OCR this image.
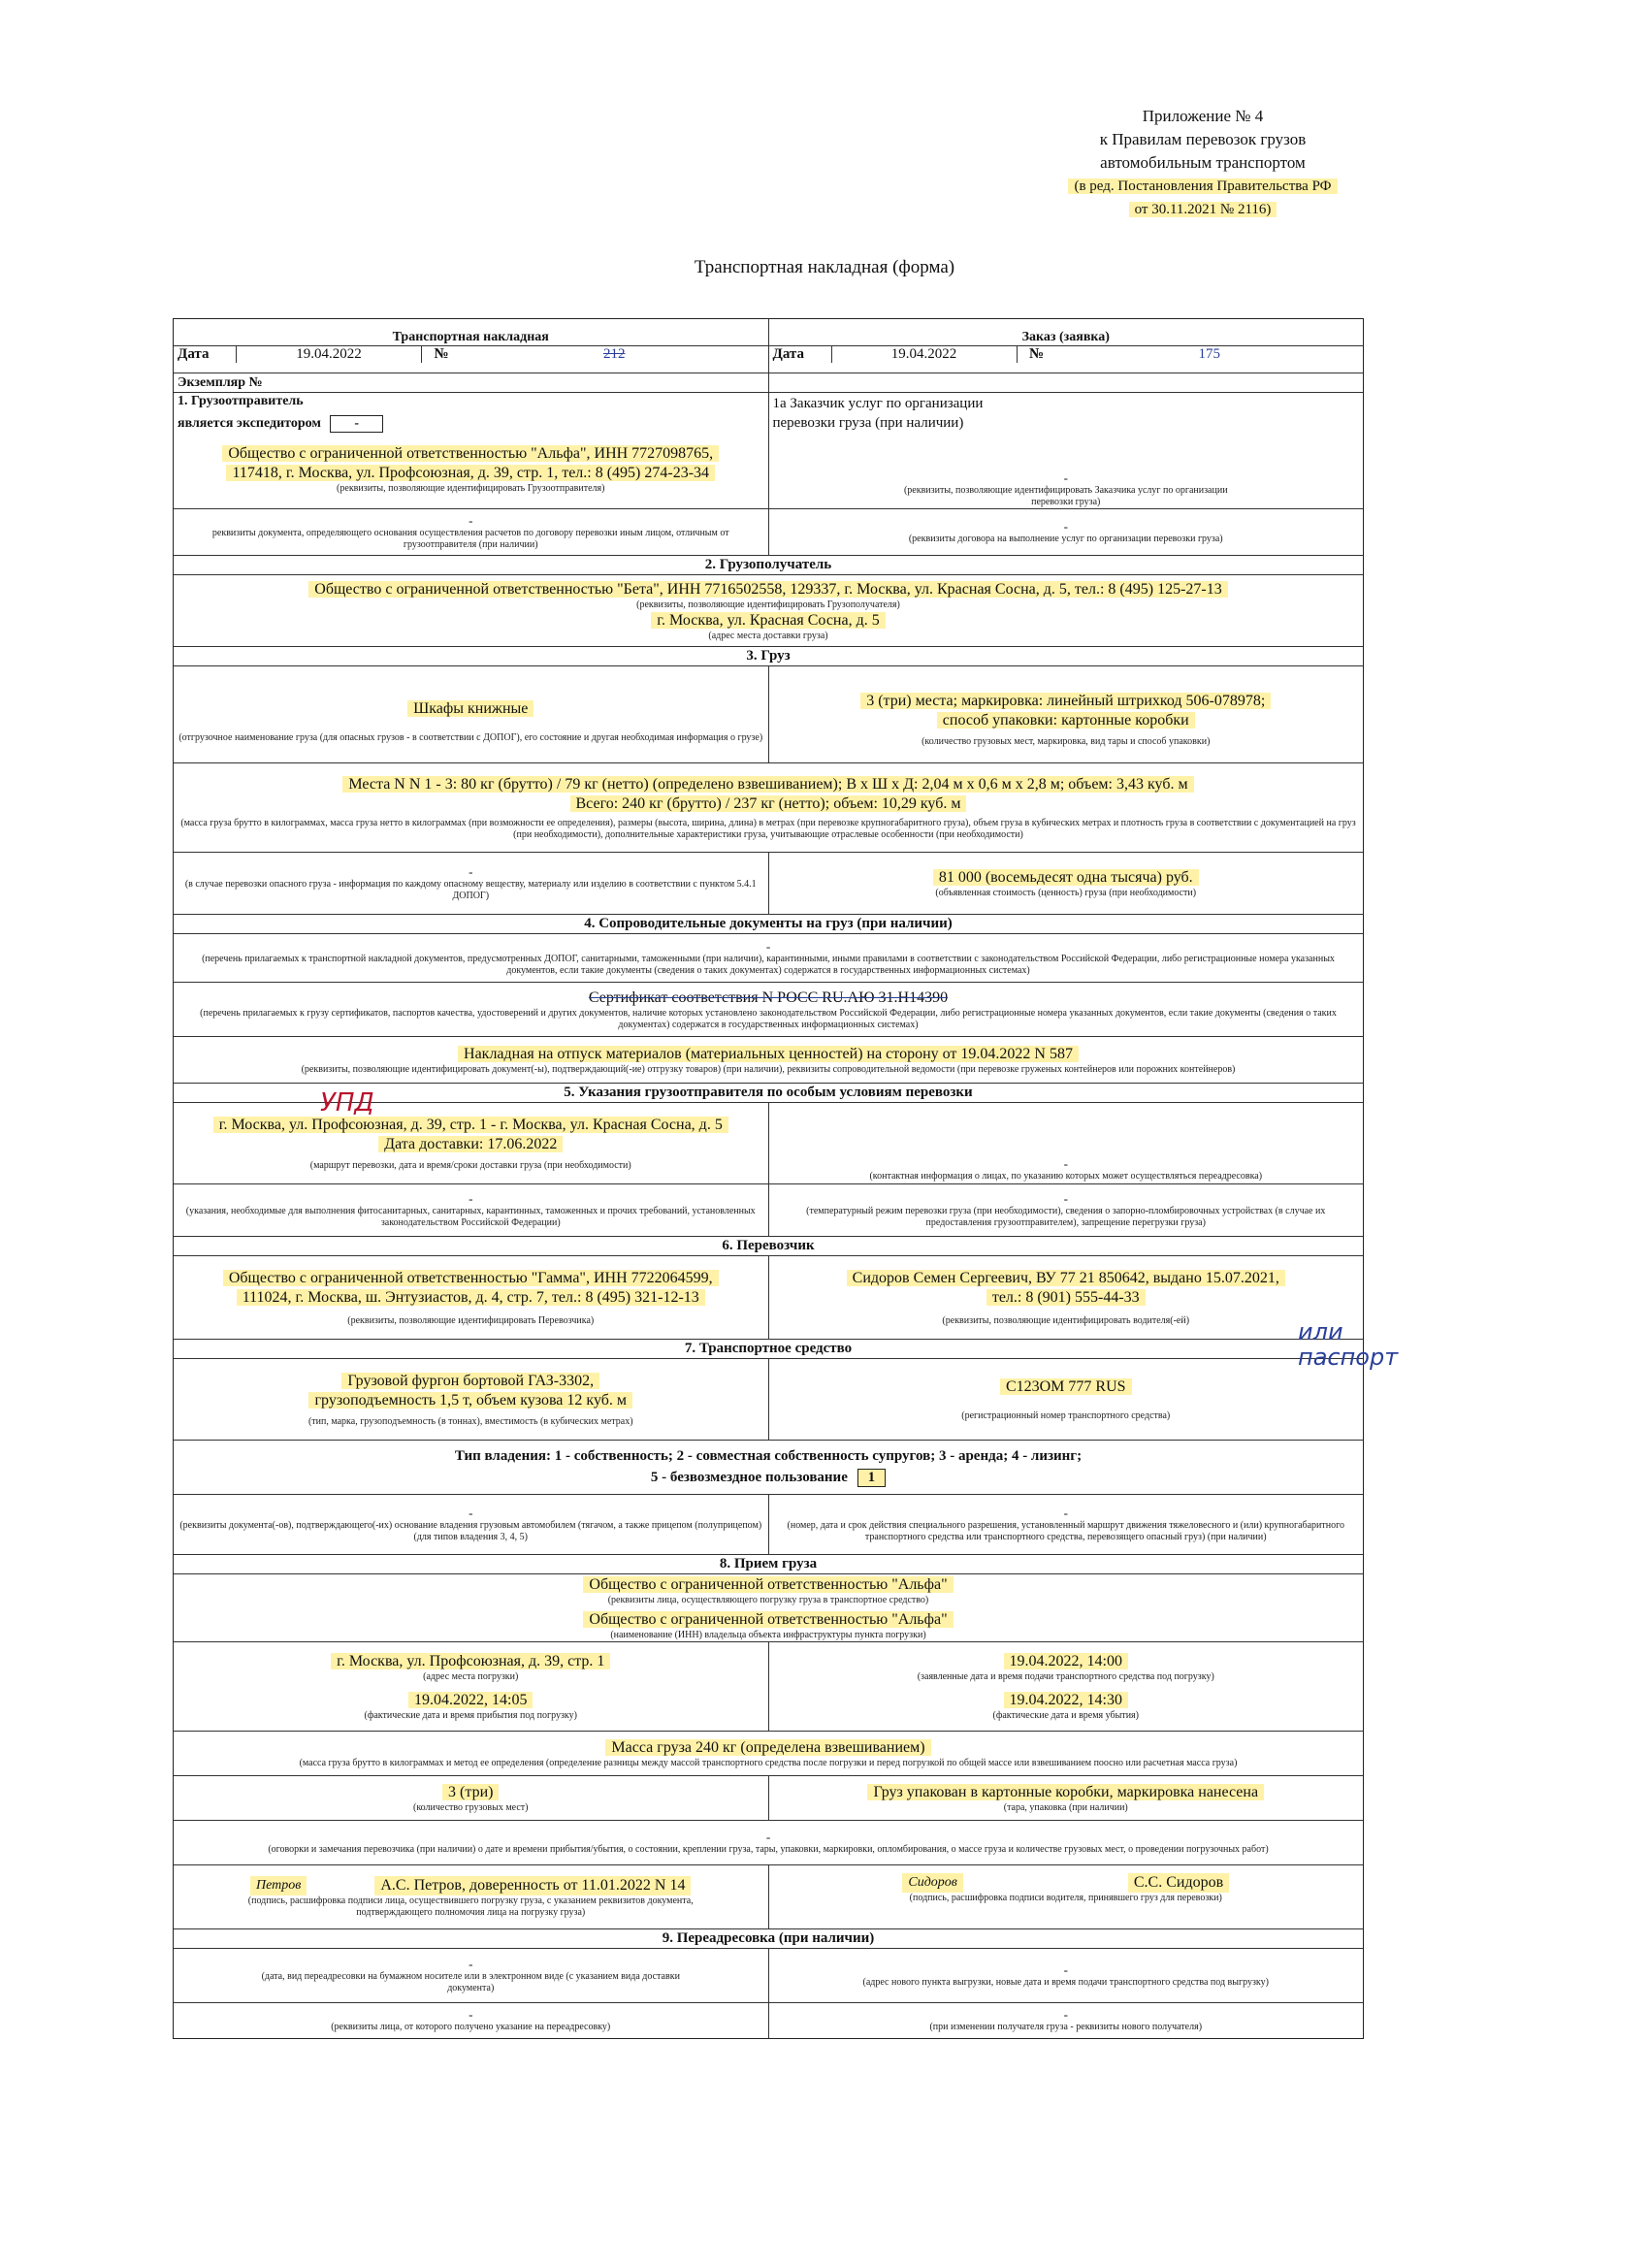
Приложение № 4
к Правилам перевозок грузов
автомобильным транспортом
(в ред. Постановления Правительства РФ
от 30.11.2021 № 2116)
Транспортная накладная (форма)
Транспортная накладная
Дата	19.04.2022	№	212
Заказ (заявка)
Дата	19.04.2022	№	175
Экземпляр №
1. Грузоотправитель
является экспедитором -
Общество с ограниченной ответственностью "Альфа", ИНН 7727098765,
117418, г. Москва, ул. Профсоюзная, д. 39, стр. 1, тел.: 8 (495) 274-23-34
(реквизиты, позволяющие идентифицировать Грузоотправителя)
1а Заказчик услуг по организации перевозки груза (при наличии)
-
(реквизиты, позволяющие идентифицировать Заказчика услуг по организации перевозки груза)
-
реквизиты документа, определяющего основания осуществления расчетов по договору перевозки иным лицом, отличным от грузоотправителя (при наличии)
-
(реквизиты договора на выполнение услуг по организации перевозки груза)
2. Грузополучатель
Общество с ограниченной ответственностью "Бета", ИНН 7716502558, 129337, г. Москва, ул. Красная Сосна, д. 5, тел.: 8 (495) 125-27-13
(реквизиты, позволяющие идентифицировать Грузополучателя)
г. Москва, ул. Красная Сосна, д. 5
(адрес места доставки груза)
3. Груз
Шкафы книжные
(отгрузочное наименование груза (для опасных грузов - в соответствии с ДОПОГ), его состояние и другая необходимая информация о грузе)
3 (три) места; маркировка: линейный штрихкод 506-078978;
способ упаковки: картонные коробки
(количество грузовых мест, маркировка, вид тары и способ упаковки)
Места N N 1 - 3: 80 кг (брутто) / 79 кг (нетто) (определено взвешиванием); В х Ш х Д: 2,04 м х 0,6 м х 2,8 м; объем: 3,43 куб. м
Всего: 240 кг (брутто) / 237 кг (нетто); объем: 10,29 куб. м
(масса груза брутто в килограммах, масса груза нетто в килограммах (при возможности ее определения), размеры (высота, ширина, длина) в метрах (при перевозке крупногабаритного груза), объем груза в кубических метрах и плотность груза в соответствии с документацией на груз (при необходимости), дополнительные характеристики груза, учитывающие отраслевые особенности (при необходимости)
-
(в случае перевозки опасного груза - информация по каждому опасному веществу, материалу или изделию в соответствии с пунктом 5.4.1 ДОПОГ)
81 000 (восемьдесят одна тысяча) руб.
(объявленная стоимость (ценность) груза (при необходимости)
4. Сопроводительные документы на груз (при наличии)
-
(перечень прилагаемых к транспортной накладной документов, предусмотренных ДОПОГ, санитарными, таможенными (при наличии), карантинными, иными правилами в соответствии с законодательством Российской Федерации, либо регистрационные номера указанных документов, если такие документы (сведения о таких документах) содержатся в государственных информационных системах)
Сертификат соответствия N РОСС RU.АЮ 31.Н14390
(перечень прилагаемых к грузу сертификатов, паспортов качества, удостоверений и других документов, наличие которых установлено законодательством Российской Федерации, либо регистрационные номера указанных документов, если такие документы (сведения о таких документах) содержатся в государственных информационных системах)
Накладная на отпуск материалов (материальных ценностей) на сторону от 19.04.2022 N 587
(реквизиты, позволяющие идентифицировать документ(-ы), подтверждающий(-ие) отгрузку товаров) (при наличии), реквизиты сопроводительной ведомости (при перевозке груженых контейнеров или порожних контейнеров)
5. Указания грузоотправителя по особым условиям перевозки
г. Москва, ул. Профсоюзная, д. 39, стр. 1 - г. Москва, ул. Красная Сосна, д. 5
Дата доставки: 17.06.2022
(маршрут перевозки, дата и время/сроки доставки груза (при необходимости)	-
(контактная информация о лицах, по указанию которых может осуществляться переадресовка)
-
(указания, необходимые для выполнения фитосанитарных, санитарных, карантинных, таможенных и прочих требований, установленных законодательством Российской Федерации)
-
(температурный режим перевозки груза (при необходимости), сведения о запорно-пломбировочных устройствах (в случае их предоставления грузоотправителем), запрещение перегрузки груза)
6. Перевозчик
Общество с ограниченной ответственностью "Гамма", ИНН 7722064599,
111024, г. Москва, ш. Энтузиастов, д. 4, стр. 7, тел.: 8 (495) 321-12-13
(реквизиты, позволяющие идентифицировать Перевозчика)
Сидоров Семен Сергеевич, ВУ 77 21 850642, выдано 15.07.2021,
тел.: 8 (901) 555-44-33
(реквизиты, позволяющие идентифицировать водителя(-ей)
7. Транспортное средство
Грузовой фургон бортовой ГАЗ-3302,
грузоподъемность 1,5 т, объем кузова 12 куб. м
(тип, марка, грузоподъемность (в тоннах), вместимость (в кубических метрах)
С123ОМ 777 RUS
(регистрационный номер транспортного средства)
Тип владения: 1 - собственность; 2 - совместная собственность супругов; 3 - аренда; 4 - лизинг;
5 - безвозмездное пользование 1
-
(реквизиты документа(-ов), подтверждающего(-их) основание владения грузовым автомобилем (тягачом, а также прицепом (полуприцепом) (для типов владения 3, 4, 5)
-
(номер, дата и срок действия специального разрешения, установленный маршрут движения тяжеловесного и (или) крупногабаритного транспортного средства или транспортного средства, перевозящего опасный груз) (при наличии)
8. Прием груза
Общество с ограниченной ответственностью "Альфа"
(реквизиты лица, осуществляющего погрузку груза в транспортное средство)
Общество с ограниченной ответственностью "Альфа"
(наименование (ИНН) владельца объекта инфраструктуры пункта погрузки)
г. Москва, ул. Профсоюзная, д. 39, стр. 1
(адрес места погрузки)
19.04.2022, 14:05
(фактические дата и время прибытия под погрузку)
19.04.2022, 14:00
(заявленные дата и время подачи транспортного средства под погрузку)
19.04.2022, 14:30
(фактические дата и время убытия)
Масса груза 240 кг (определена взвешиванием)
(масса груза брутто в килограммах и метод ее определения (определение разницы между массой транспортного средства после погрузки и перед погрузкой по общей массе или взвешиванием поосно или расчетная масса груза)
3 (три)
(количество грузовых мест)
Груз упакован в картонные коробки, маркировка нанесена
(тара, упаковка (при наличии)
-
(оговорки и замечания перевозчика (при наличии) о дате и времени прибытия/убытия, о состоянии, креплении груза, тары, упаковки, маркировки, опломбирования, о массе груза и количестве грузовых мест, о проведении погрузочных работ)
Петров	А.С. Петров, доверенность от 11.01.2022 N 14
(подпись, расшифровка подписи лица, осуществившего погрузку груза, с указанием реквизитов документа, подтверждающего полномочия лица на погрузку груза)
Сидоров	С.С. Сидоров
(подпись, расшифровка подписи водителя, принявшего груз для перевозки)
9. Переадресовка (при наличии)
-
(дата, вид переадресовки на бумажном носителе или в электронном виде (с указанием вида доставки документа)
-
(адрес нового пункта выгрузки, новые дата и время подачи транспортного средства под выгрузку)
-
(реквизиты лица, от которого получено указание на переадресовку)
-
(при изменении получателя груза - реквизиты нового получателя)
УПД
или паспорт
